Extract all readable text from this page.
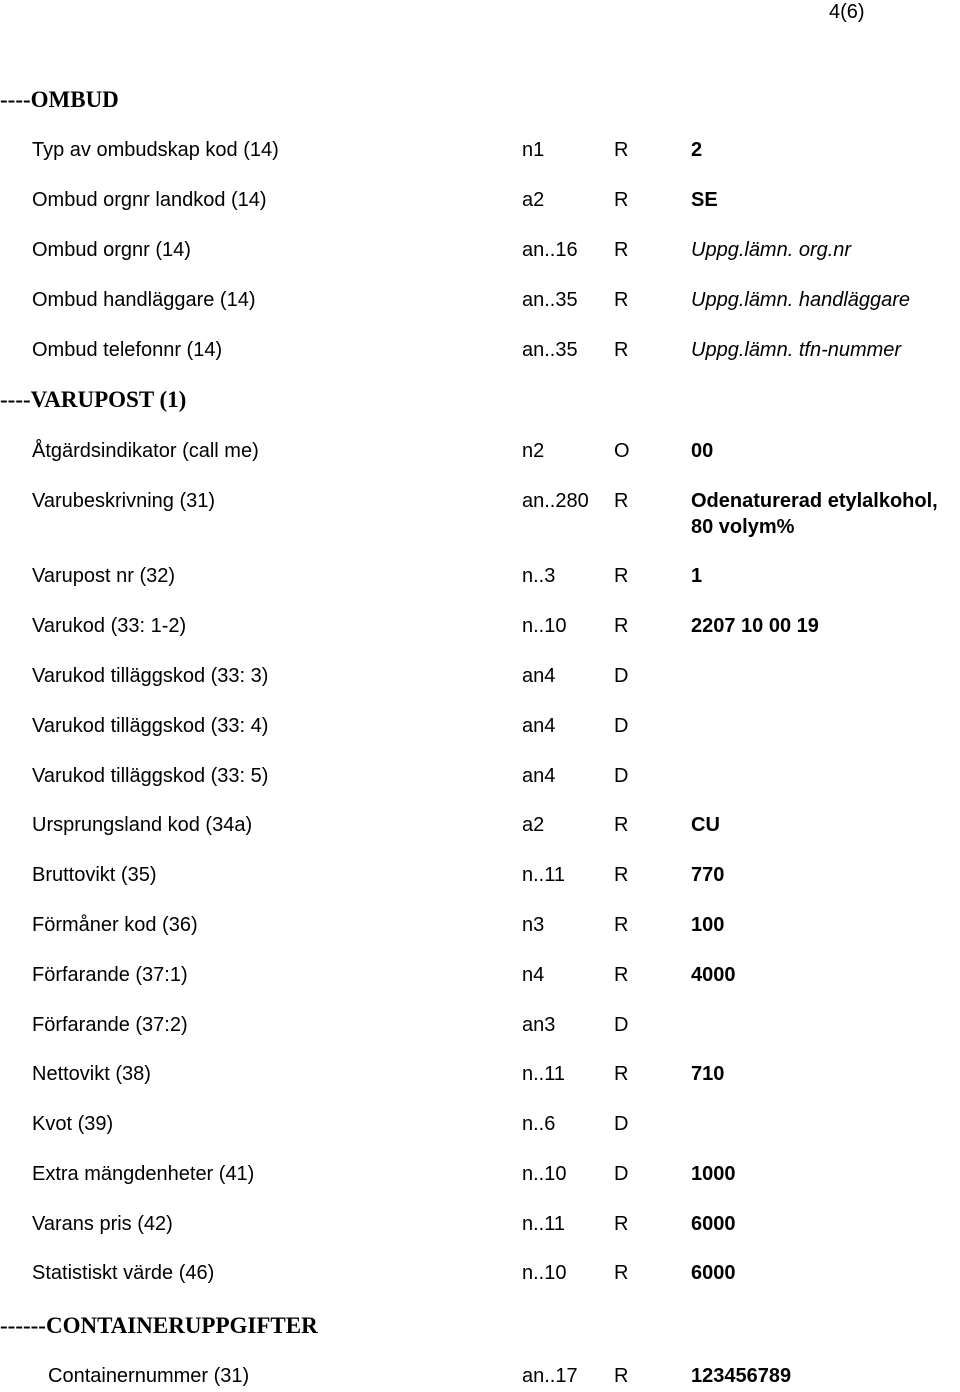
4(6)
----OMBUD
Typ av ombudskap kod (14)	n1	R	2
Ombud orgnr landkod (14)	a2	R	SE
Ombud orgnr (14)	an..16 R	Uppg.lämn. org.nr
Ombud handläggare (14)	an..35 R	Uppg.lämn. handläggare
Ombud telefonnr (14)	an..35 R	Uppg.lämn. tfn-nummer
----VARUPOST (1)
Åtgärdsindikator (call me)	n2	O	00
Varubeskrivning (31)	an..280 R	Odenaturerad etylalkohol, 80 volym%
Varupost nr (32)	n..3	R	1
Varukod (33: 1-2)	n..10 R	2207 10 00 19
Varukod tilläggskod (33: 3)	an4	D
Varukod tilläggskod (33: 4)	an4	D
Varukod tilläggskod (33: 5)	an4	D
Ursprungsland kod (34a)	a2	R	CU
Bruttovikt (35)	n..11 R	770
Förmåner kod (36)	n3	R	100
Förfarande (37:1)	n4	R	4000
Förfarande (37:2)	an3	D
Nettovikt (38)	n..11 R	710
Kvot (39)	n..6	D
Extra mängdenheter (41)	n..10 D	1000
Varans pris (42)	n..11 R	6000
Statistiskt värde (46)	n..10 R	6000
------CONTAINERUPPGIFTER
Containernummer (31)	an..17 R	123456789
